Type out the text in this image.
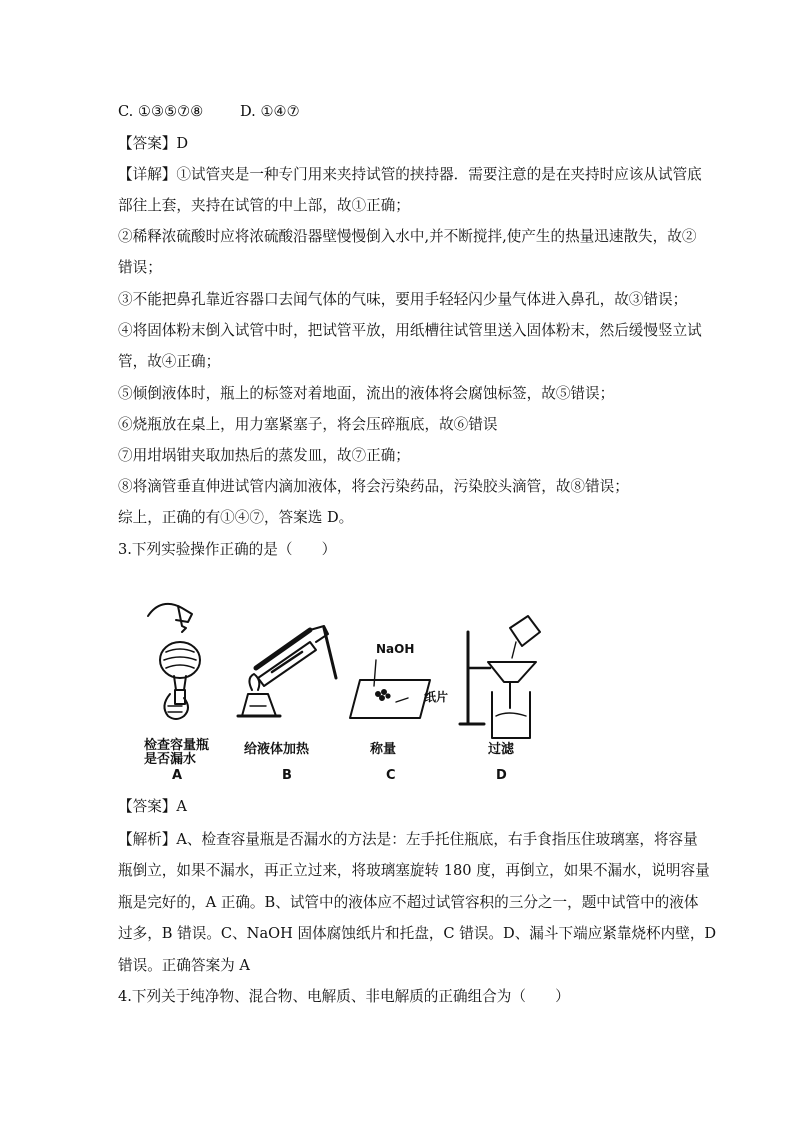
C. ①③⑤⑦⑧	D. ①④⑦
【答案】D
【详解】①试管夹是一种专门用来夹持试管的挟持器．需要注意的是在夹持时应该从试管底
部往上套，夹持在试管的中上部，故①正确；
②稀释浓硫酸时应将浓硫酸沿器壁慢慢倒入水中,并不断搅拌,使产生的热量迅速散失，故②
错误；
③不能把鼻孔靠近容器口去闻气体的气味，要用手轻轻闪少量气体进入鼻孔，故③错误；
④将固体粉末倒入试管中时，把试管平放，用纸槽往试管里送入固体粉末，然后缓慢竖立试
管，故④正确；
⑤倾倒液体时，瓶上的标签对着地面，流出的液体将会腐蚀标签，故⑤错误；
⑥烧瓶放在桌上，用力塞紧塞子，将会压碎瓶底，故⑥错误
⑦用坩埚钳夹取加热后的蒸发皿，故⑦正确；
⑧将滴管垂直伸进试管内滴加液体，将会污染药品，污染胶头滴管，故⑧错误；
综上，正确的有①④⑦，答案选 D。
3.下列实验操作正确的是（　　）
NaOH
纸片
检查容量瓶
是否漏水
A
给液体加热
B
称量
C
过滤
D
【答案】A
【解析】A、检查容量瓶是否漏水的方法是：左手托住瓶底，右手食指压住玻璃塞，将容量
瓶倒立，如果不漏水，再正立过来，将玻璃塞旋转 180 度，再倒立，如果不漏水，说明容量
瓶是完好的，A 正确。B、试管中的液体应不超过试管容积的三分之一，题中试管中的液体
过多，B 错误。C、NaOH 固体腐蚀纸片和托盘，C 错误。D、漏斗下端应紧靠烧杯内壁，D
错误。正确答案为 A
4.下列关于纯净物、混合物、电解质、非电解质的正确组合为（　　）
